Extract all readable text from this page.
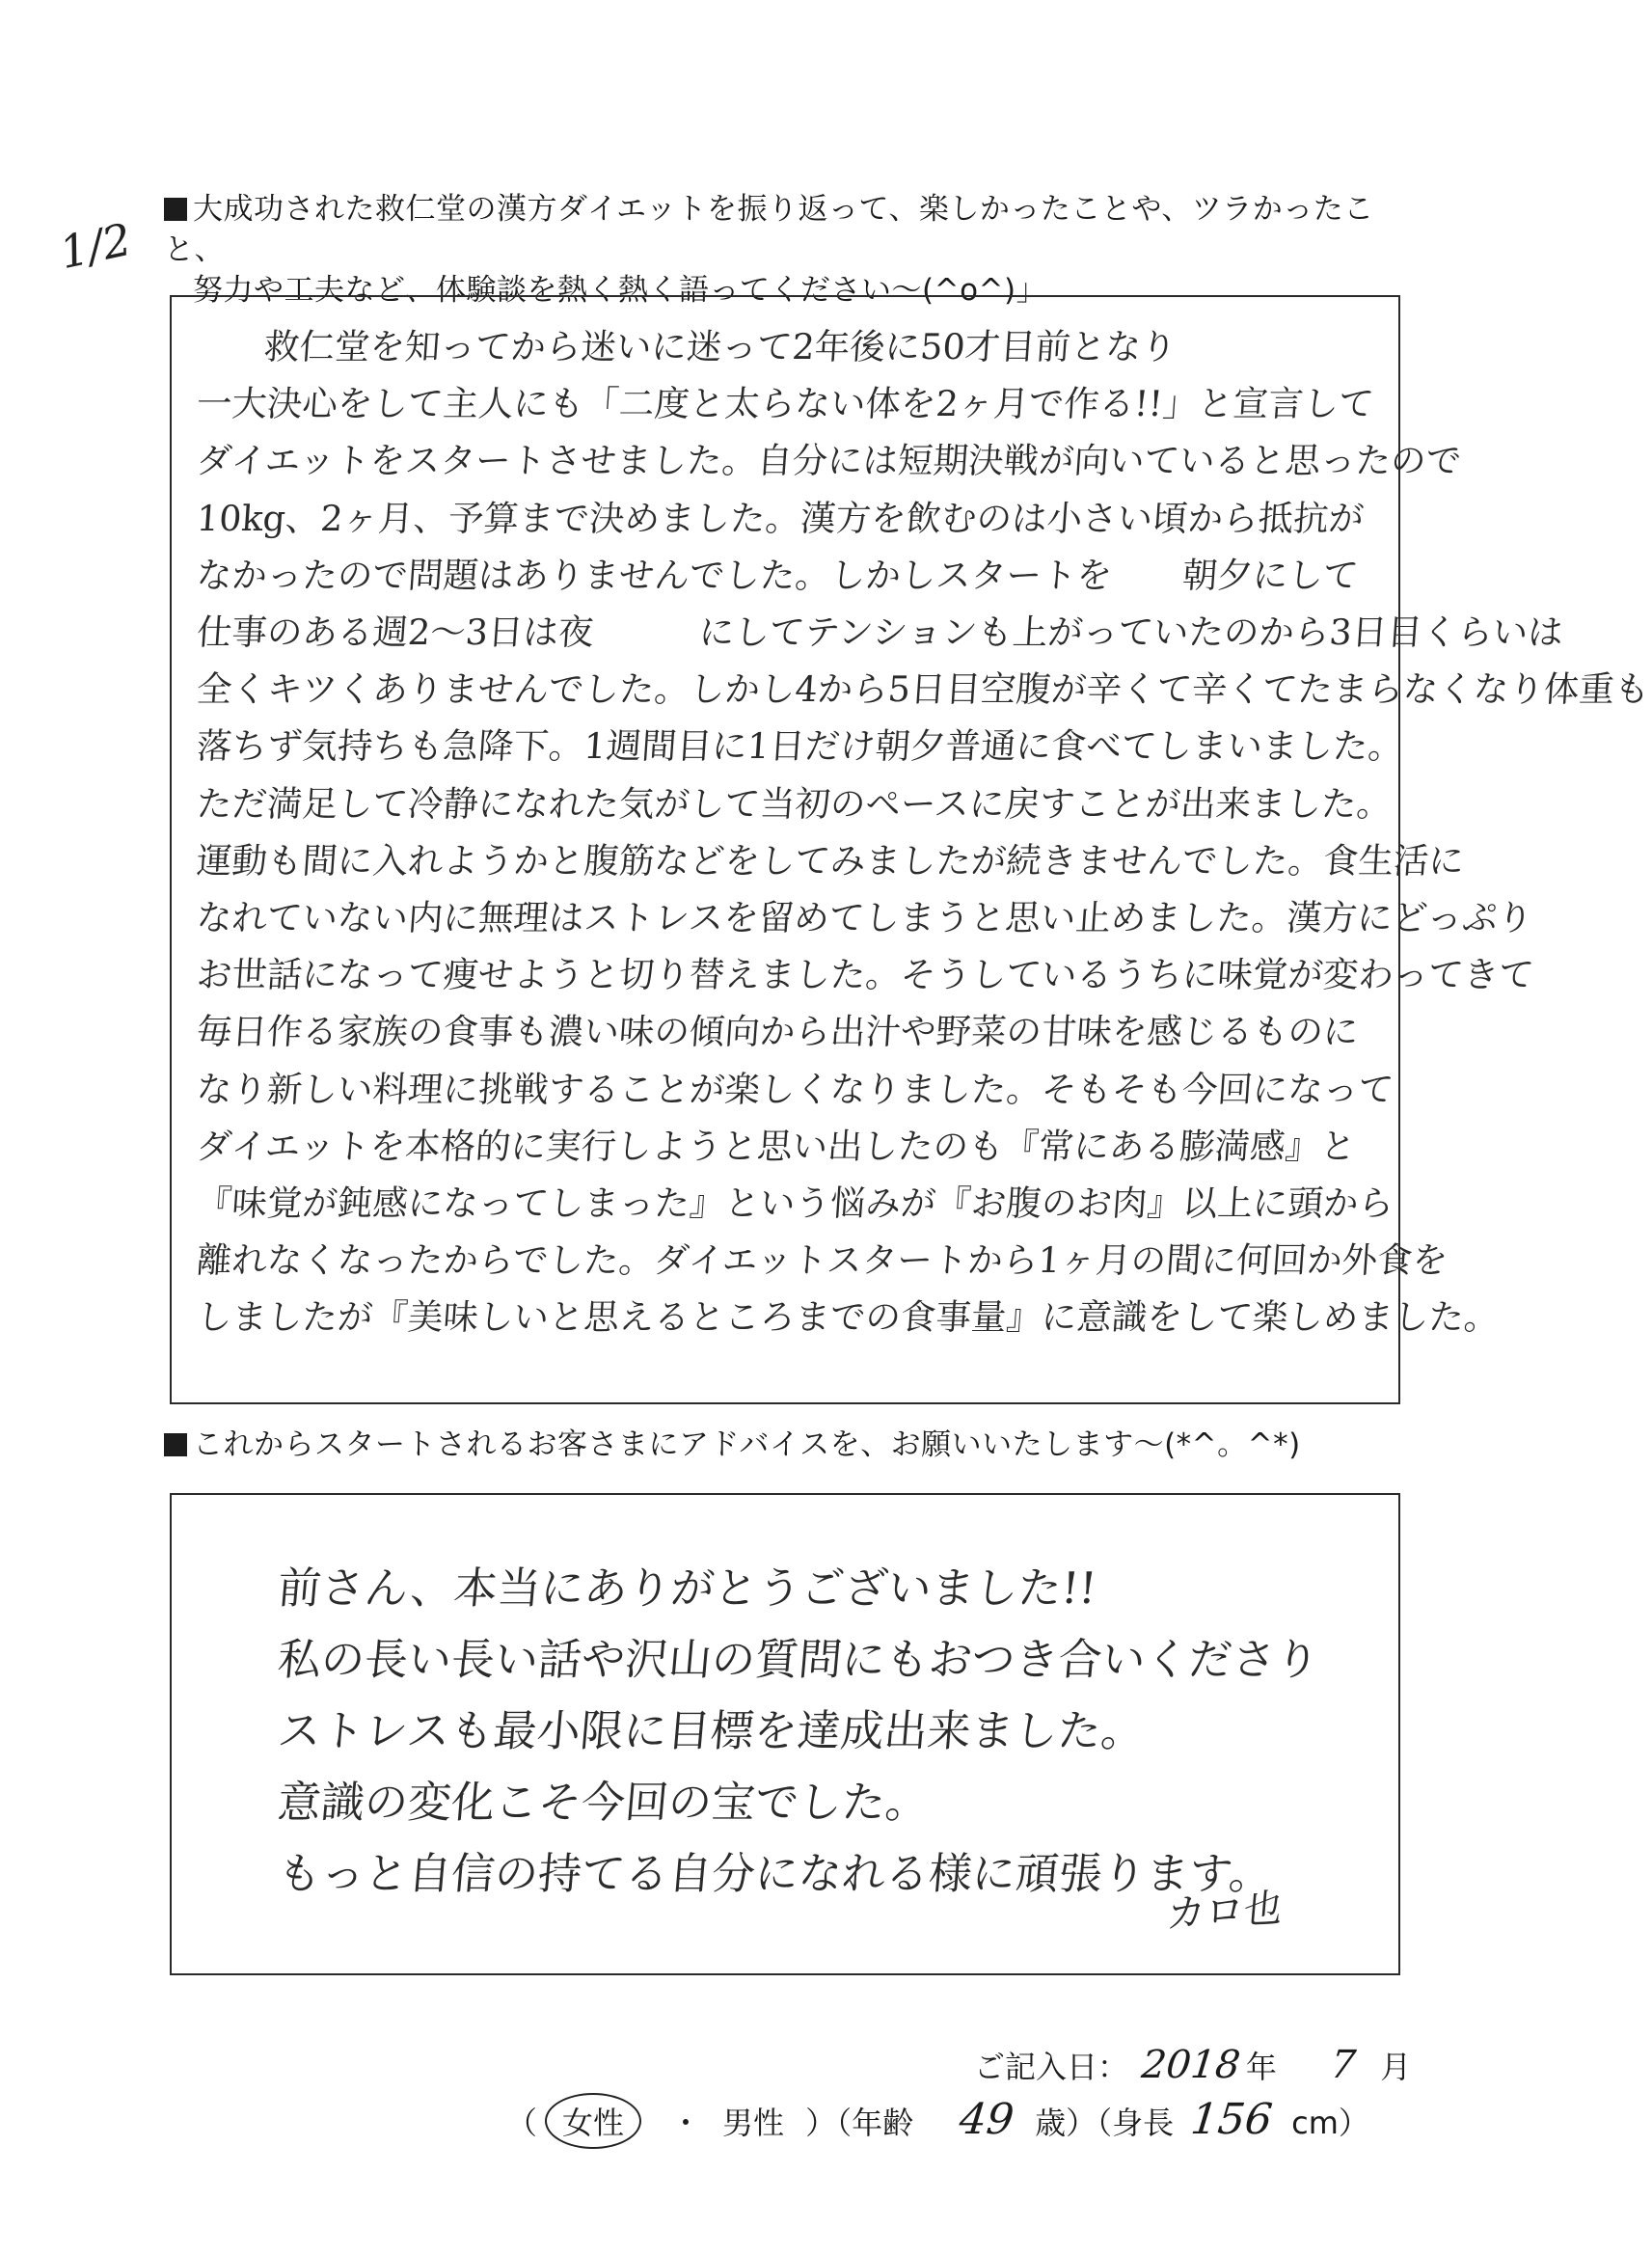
1/2
大成功された救仁堂の漢方ダイエットを振り返って、楽しかったことや、ツラかったこと、
努力や工夫など、体験談を熱く熱く語ってください～(^o^)」
救仁堂を知ってから迷いに迷って2年後に50才目前となり
一大決心をして主人にも「二度と太らない体を2ヶ月で作る!!」と宣言して
ダイエットをスタートさせました。自分には短期決戦が向いていると思ったので
10kg、2ヶ月、予算まで決めました。漢方を飲むのは小さい頃から抵抗が
なかったので問題はありませんでした。しかしスタートを　　朝夕にして
仕事のある週2～3日は夜　　　にしてテンションも上がっていたのから3日目くらいは
全くキツくありませんでした。しかし4から5日目空腹が辛くて辛くてたまらなくなり体重も
落ちず気持ちも急降下。1週間目に1日だけ朝夕普通に食べてしまいました。
ただ満足して冷静になれた気がして当初のペースに戻すことが出来ました。
運動も間に入れようかと腹筋などをしてみましたが続きませんでした。食生活に
なれていない内に無理はストレスを留めてしまうと思い止めました。漢方にどっぷり
お世話になって痩せようと切り替えました。そうしているうちに味覚が変わってきて
毎日作る家族の食事も濃い味の傾向から出汁や野菜の甘味を感じるものに
なり新しい料理に挑戦することが楽しくなりました。そもそも今回になって
ダイエットを本格的に実行しようと思い出したのも『常にある膨満感』と
『味覚が鈍感になってしまった』という悩みが『お腹のお肉』以上に頭から
離れなくなったからでした。ダイエットスタートから1ヶ月の間に何回か外食を
しましたが『美味しいと思えるところまでの食事量』に意識をして楽しめました。
これからスタートされるお客さまにアドバイスを、お願いいたします～(*^。^*)
前さん、本当にありがとうございました!!
私の長い長い話や沢山の質問にもおつき合いくださり
ストレスも最小限に目標を達成出来ました。
意識の変化こそ今回の宝でした。
もっと自信の持てる自分になれる様に頑張ります。
カロ也
ご記入日： 2018 年 7 月
（ 女性 ・ 男性 ）（年齢 49 歳）（身長 156 cm）
